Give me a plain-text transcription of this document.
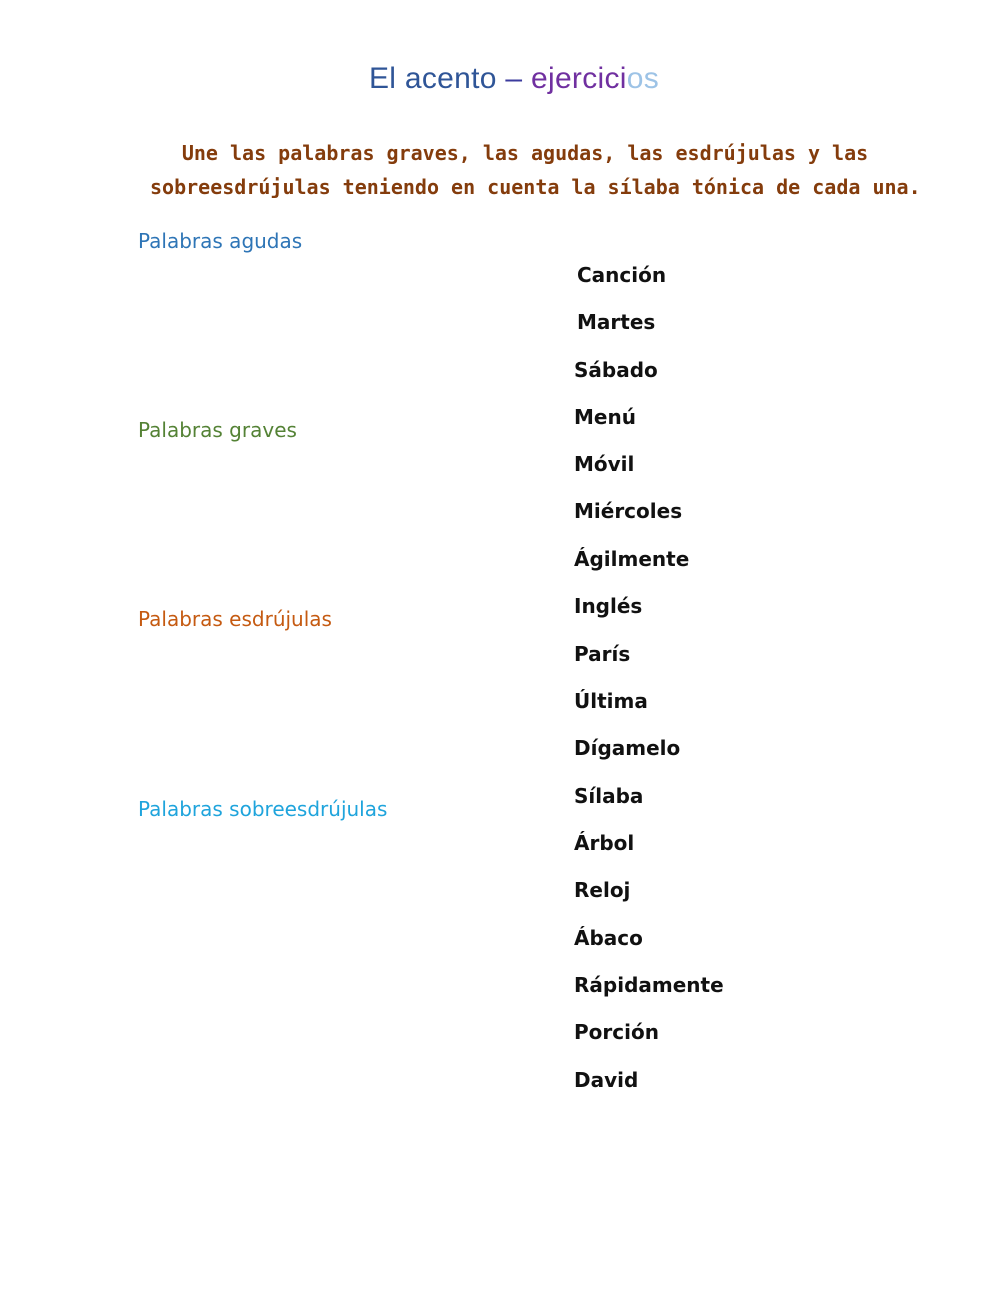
El acento – ejercicios

Une las palabras graves, las agudas, las esdrújulas y las

sobreesdrújulas teniendo en cuenta la sílaba tónica de cada una.

Palabras agudas
Palabras graves
Palabras esdrújulas
Palabras sobreesdrújulas
Canción
Martes
Sábado
Menú
Móvil
Miércoles
Ágilmente
Inglés
París
Última
Dígamelo
Sílaba
Árbol
Reloj
Ábaco
Rápidamente
Porción
David
